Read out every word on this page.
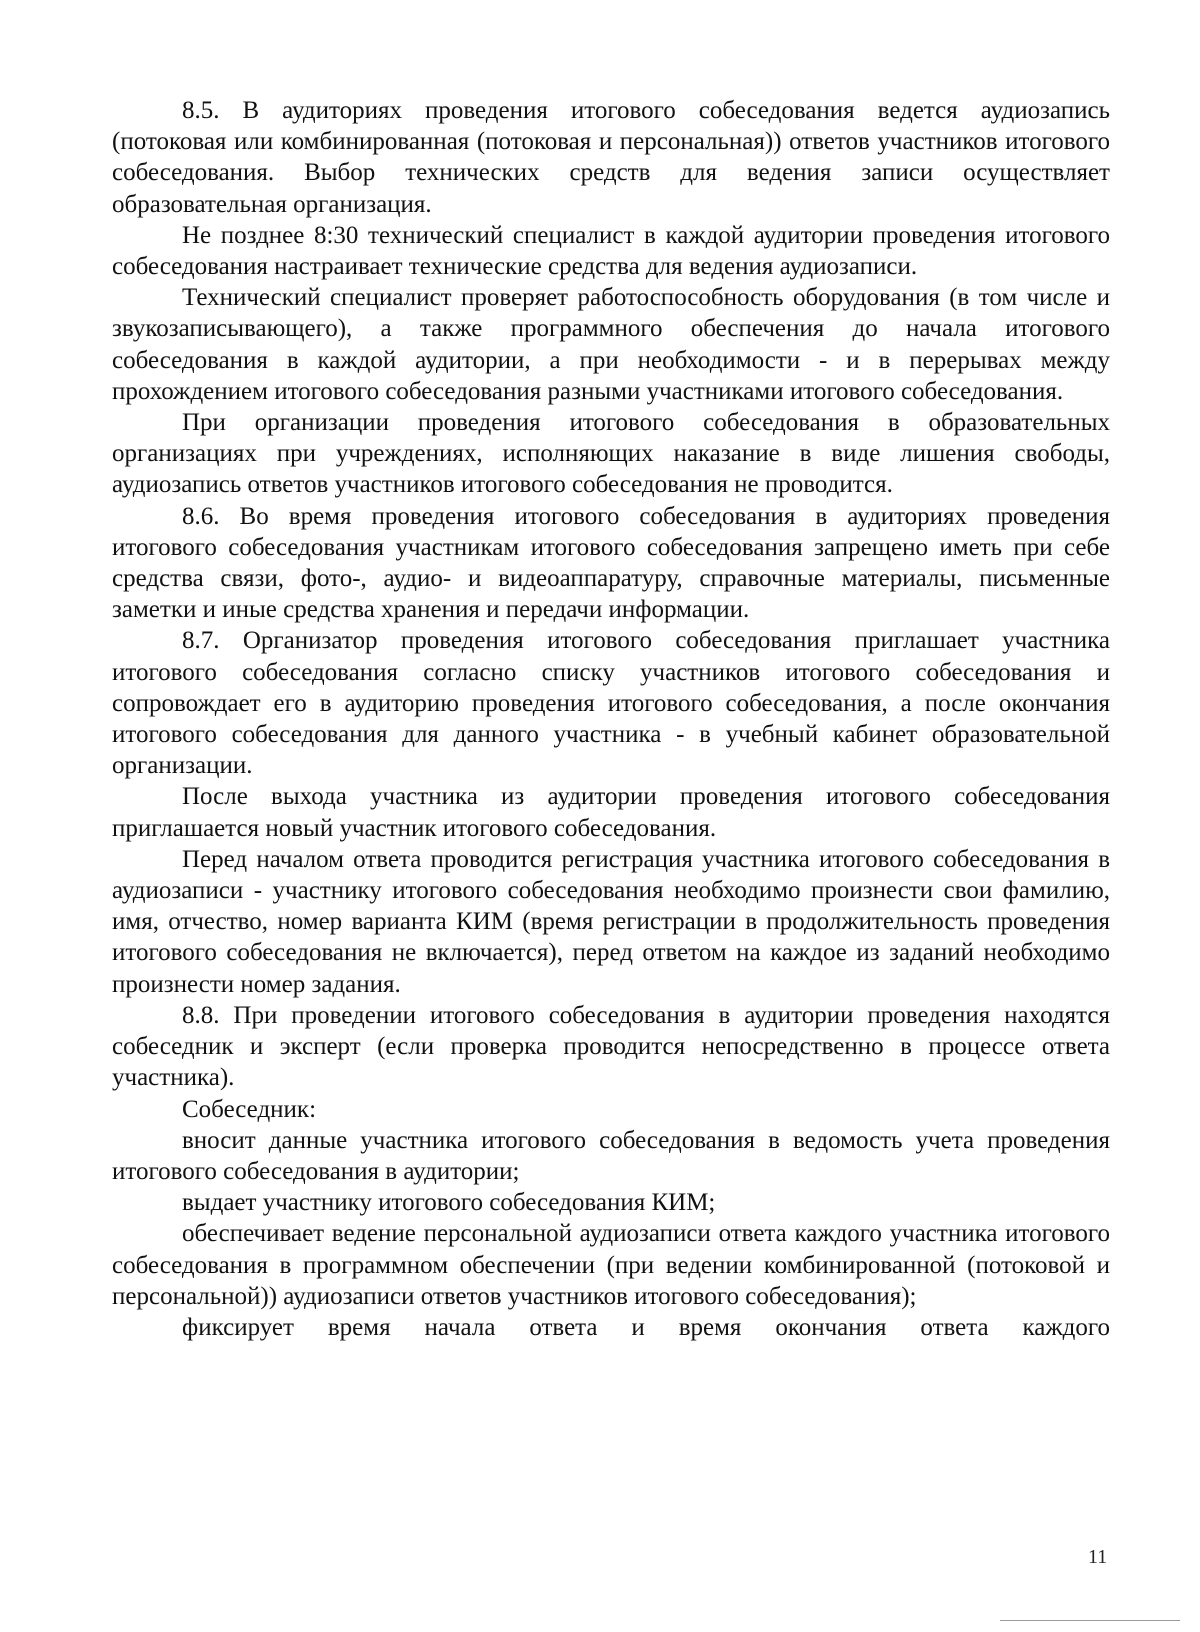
8.5. В аудиториях проведения итогового собеседования ведется аудиозапись (потоковая или комбинированная (потоковая и персональная)) ответов участников итогового собеседования. Выбор технических средств для ведения записи осуществляет образовательная организация.

Не позднее 8:30 технический специалист в каждой аудитории проведения итогового собеседования настраивает технические средства для ведения аудиозаписи.

Технический специалист проверяет работоспособность оборудования (в том числе и звукозаписывающего), а также программного обеспечения до начала итогового собеседования в каждой аудитории, а при необходимости - и в перерывах между прохождением итогового собеседования разными участниками итогового собеседования.

При организации проведения итогового собеседования в образовательных организациях при учреждениях, исполняющих наказание в виде лишения свободы, аудиозапись ответов участников итогового собеседования не проводится.

8.6. Во время проведения итогового собеседования в аудиториях проведения итогового собеседования участникам итогового собеседования запрещено иметь при себе средства связи, фото-, аудио- и видеоаппаратуру, справочные материалы, письменные заметки и иные средства хранения и передачи информации.

8.7. Организатор проведения итогового собеседования приглашает участника итогового собеседования согласно списку участников итогового собеседования и сопровождает его в аудиторию проведения итогового собеседования, а после окончания итогового собеседования для данного участника - в учебный кабинет образовательной организации.

После выхода участника из аудитории проведения итогового собеседования приглашается новый участник итогового собеседования.

Перед началом ответа проводится регистрация участника итогового собеседования в аудиозаписи - участнику итогового собеседования необходимо произнести свои фамилию, имя, отчество, номер варианта КИМ (время регистрации в продолжительность проведения итогового собеседования не включается), перед ответом на каждое из заданий необходимо произнести номер задания.

8.8. При проведении итогового собеседования в аудитории проведения находятся собеседник и эксперт (если проверка проводится непосредственно в процессе ответа участника).

Собеседник:

вносит данные участника итогового собеседования в ведомость учета проведения итогового собеседования в аудитории;

выдает участнику итогового собеседования КИМ;

обеспечивает ведение персональной аудиозаписи ответа каждого участника итогового собеседования в программном обеспечении (при ведении комбинированной (потоковой и персональной)) аудиозаписи ответов участников итогового собеседования);

фиксирует время начала ответа и время окончания ответа каждого

11
